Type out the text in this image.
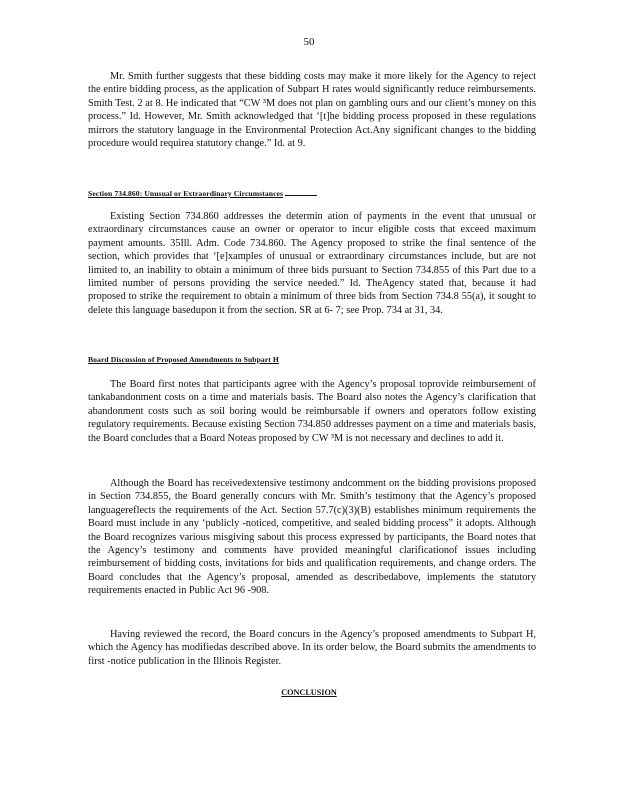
50

Mr. Smith further suggests that these bidding costs may make it more likely for the Agency to reject the entire bidding process, as the application of Subpart H rates would significantly reduce reimbursements. Smith Test. 2 at 8. He indicated that “CW ³M does not plan on gambling ours and our client’s money on this process.” Id. However, Mr. Smith acknowledged that ‘[t]he bidding process proposed in these regulations mirrors the statutory language in the Environmental Protection Act.Any significant changes to the bidding procedure would requirea statutory change.” Id. at 9.

Section 734.860: Unusual or Extraordinary Circumstances

Existing Section 734.860 addresses the determin ation of payments in the event that unusual or extraordinary circumstances cause an owner or operator to incur eligible costs that exceed maximum payment amounts. 35Ill. Adm. Code 734.860. The Agency proposed to strike the final sentence of the section, which provides that ‘[e]xamples of unusual or extraordinary circumstances include, but are not limited to, an inability to obtain a minimum of three bids pursuant to Section 734.855 of this Part due to a limited number of persons providing the service needed.” Id. TheAgency stated that, because it had proposed to strike the requirement to obtain a minimum of three bids from Section 734.8 55(a), it sought to delete this language basedupon it from the section. SR at 6- 7; see Prop. 734 at 31, 34.

Board Discussion of Proposed Amendments to Subpart H

The Board first notes that participants agree with the Agency’s proposal toprovide reimbursement of tankabandonment costs on a time and materials basis. The Board also notes the Agency’s clarification that abandonment costs such as soil boring would be reimbursable if owners and operators follow existing regulatory requirements. Because existing Section 734.850 addresses payment on a time and materials basis, the Board concludes that a Board Noteas proposed by CW ³M is not necessary and declines to add it.

Although the Board has receivedextensive testimony andcomment on the bidding provisions proposed in Section 734.855, the Board generally concurs with Mr. Smith’s testimony that the Agency’s proposed languagereflects the requirements of the Act. Section 57.7(c)(3)(B) establishes minimum requirements the Board must include in any ‘publicly -noticed, competitive, and sealed bidding process” it adopts. Although the Board recognizes various misgiving sabout this process expressed by participants, the Board notes that the Agency’s testimony and comments have provided meaningful clarificationof issues including reimbursement of bidding costs, invitations for bids and qualification requirements, and change orders. The Board concludes that the Agency’s proposal, amended as describedabove, implements the statutory requirements enacted in Public Act 96 -908.

Having reviewed the record, the Board concurs in the Agency’s proposed amendments to Subpart H, which the Agency has modifiedas described above. In its order below, the Board submits the amendments to first -notice publication in the Illinois Register.

CONCLUSION
